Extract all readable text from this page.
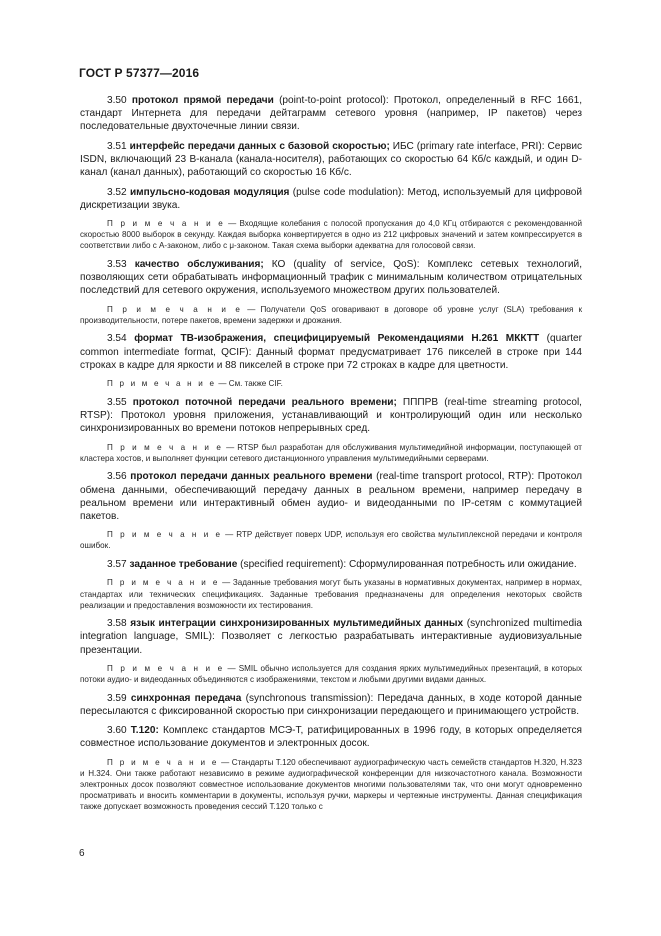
ГОСТ Р 57377—2016

3.50 протокол прямой передачи (point-to-point protocol): Протокол, определенный в RFC 1661, стандарт Интернета для передачи дейтаграмм сетевого уровня (например, IP пакетов) через последовательные двухточечные линии связи.

3.51 интерфейс передачи данных с базовой скоростью; ИБС (primary rate interface, PRI): Сервис ISDN, включающий 23 B-канала (канала-носителя), работающих со скоростью 64 Кб/с каждый, и один D-канал (канал данных), работающий со скоростью 16 Кб/с.

3.52 импульсно-кодовая модуляция (pulse code modulation): Метод, используемый для цифровой дискретизации звука.

П р и м е ч а н и е — Входящие колебания с полосой пропускания до 4,0 КГц отбираются с рекомендованной скоростью 8000 выборок в секунду. Каждая выборка конвертируется в одно из 212 цифровых значений и затем компрессируется в соответствии либо с А-законом, либо с μ-законом. Такая схема выборки адекватна для голосовой связи.

3.53 качество обслуживания; КО (quality of service, QoS): Комплекс сетевых технологий, позволяющих сети обрабатывать информационный трафик с минимальным количеством отрицательных последствий для сетевого окружения, используемого множеством других пользователей.

П р и м е ч а н и е — Получатели QoS оговаривают в договоре об уровне услуг (SLA) требования к производительности, потере пакетов, времени задержки и дрожания.

3.54 формат ТВ-изображения, специфицируемый Рекомендациями Н.261 МККТТ (quarter common intermediate format, QCIF): Данный формат предусматривает 176 пикселей в строке при 144 строках в кадре для яркости и 88 пикселей в строке при 72 строках в кадре для цветности.

П р и м е ч а н и е — См. также CIF.

3.55 протокол поточной передачи реального времени; ПППРВ (real-time streaming protocol, RTSP): Протокол уровня приложения, устанавливающий и контролирующий один или несколько синхронизированных во времени потоков непрерывных сред.

П р и м е ч а н и е — RTSP был разработан для обслуживания мультимедийной информации, поступающей от кластера хостов, и выполняет функции сетевого дистанционного управления мультимедийными серверами.

3.56 протокол передачи данных реального времени (real-time transport protocol, RTP): Протокол обмена данными, обеспечивающий передачу данных в реальном времени, например передачу в реальном времени или интерактивный обмен аудио- и видеоданными по IP-сетям с коммутацией пакетов.

П р и м е ч а н и е — RTP действует поверх UDP, используя его свойства мультиплексной передачи и контроля ошибок.

3.57 заданное требование (specified requirement): Сформулированная потребность или ожидание.

П р и м е ч а н и е — Заданные требования могут быть указаны в нормативных документах, например в нормах, стандартах или технических спецификациях. Заданные требования предназначены для определения некоторых свойств реализации и предоставления возможности их тестирования.

3.58 язык интеграции синхронизированных мультимедийных данных (synchronized multimedia integration language, SMIL): Позволяет с легкостью разрабатывать интерактивные аудиовизуальные презентации.

П р и м е ч а н и е — SMIL обычно используется для создания ярких мультимедийных презентаций, в которых потоки аудио- и видеоданных объединяются с изображениями, текстом и любыми другими видами данных.

3.59 синхронная передача (synchronous transmission): Передача данных, в ходе которой данные пересылаются с фиксированной скоростью при синхронизации передающего и принимающего устройств.

3.60 Т.120: Комплекс стандартов МСЭ-Т, ратифицированных в 1996 году, в которых определяется совместное использование документов и электронных досок.

П р и м е ч а н и е — Стандарты Т.120 обеспечивают аудиографическую часть семейств стандартов Н.320, Н.323 и Н.324. Они также работают независимо в режиме аудиографической конференции для низкочастотного канала. Возможности электронных досок позволяют совместное использование документов многими пользователями так, что они могут одновременно просматривать и вносить комментарии в документы, используя ручки, маркеры и чертежные инструменты. Данная спецификация также допускает возможность проведения сессий Т.120 только с

6
